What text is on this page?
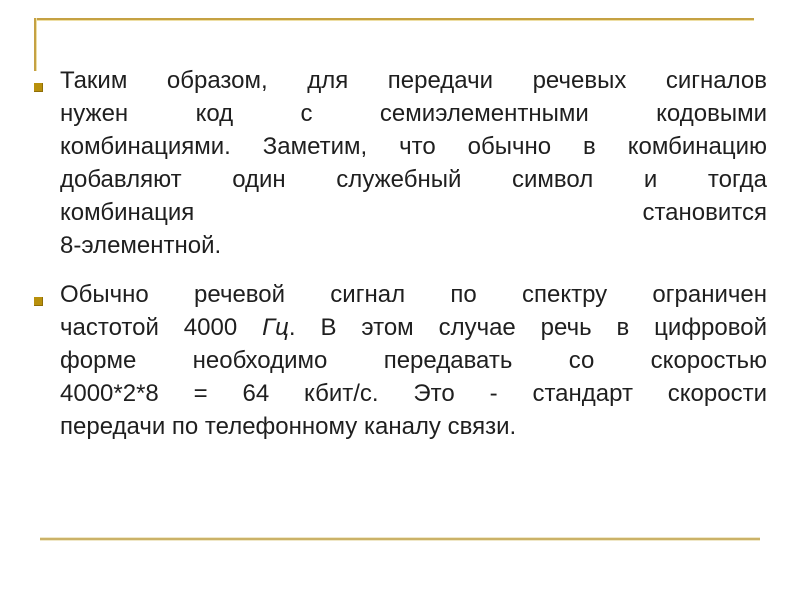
Таким образом, для передачи речевых сигналов
нужен код с семиэлементными кодовыми
комбинациями. Заметим, что обычно в комбинацию
добавляют один служебный символ и тогда
комбинация становится
8-элементной.
Обычно речевой сигнал по спектру ограничен
частотой 4000 Гц. В этом случае речь в цифровой
форме необходимо передавать со скоростью
4000*2*8 = 64 кбит/с. Это - стандарт скорости
передачи по телефонному каналу связи.
